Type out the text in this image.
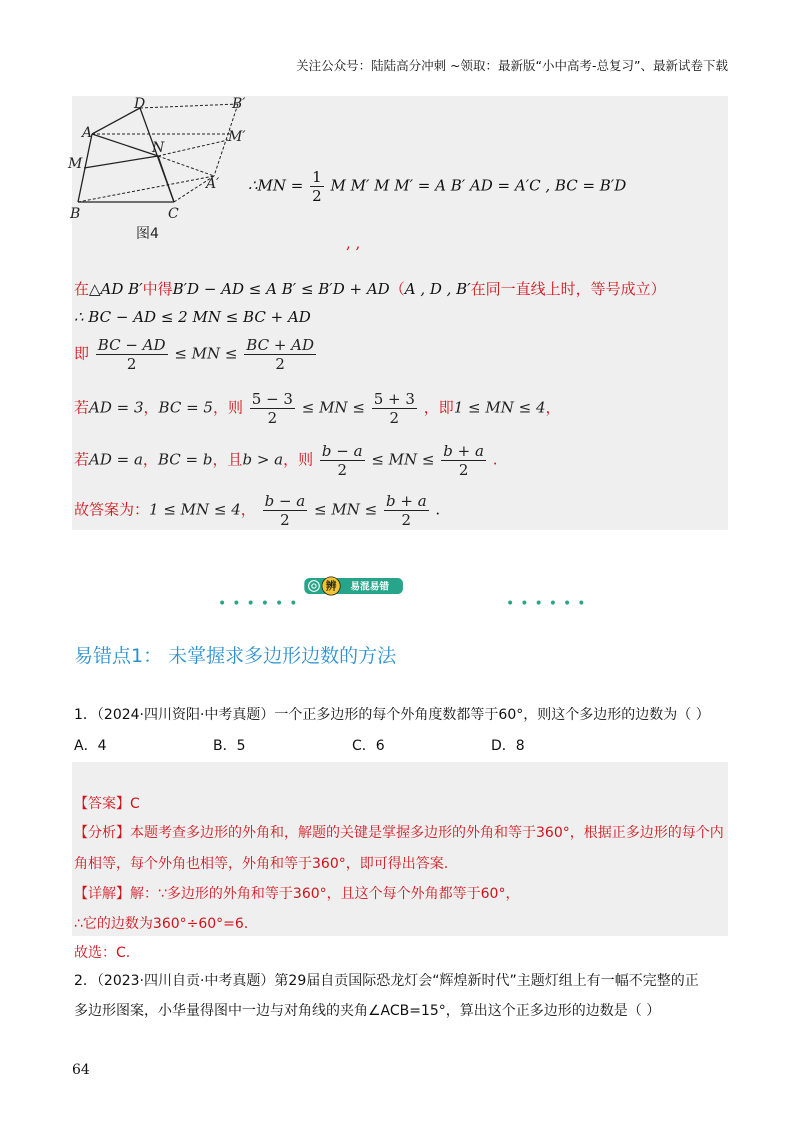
关注公众号：陆陆高分冲刺 ~领取：最新版“小中高考-总复习”、最新试卷下载
D	B′
A	M′
M
N
A′
B	C
图4
∴MN = $\frac{1}{2}$ M M′ M M′ = A B′ AD = A′C , BC = B′D
, ,
在△AD B′中得B′D − AD ≤ A B′ ≤ B′D + AD（A , D , B′在同一直线上时，等号成立）
∴ BC − AD ≤ 2 MN ≤ BC + AD
即 $\frac{BC - AD}{2}$ ≤ MN ≤ $\frac{BC + AD}{2}$
若AD = 3，BC = 5，则 $\frac{5 - 3}{2}$ ≤ MN ≤ $\frac{5 + 3}{2}$ ，即1 ≤ MN ≤ 4，
若AD = a，BC = b，且b > a，则 $\frac{b - a}{2}$ ≤ MN ≤ $\frac{b + a}{2}$ .
故答案为：1 ≤ MN ≤ 4， $\frac{b - a}{2}$ ≤ MN ≤ $\frac{b + a}{2}$ .
••••••	••••••
辨 易混易错
易错点1： 未掌握求多边形边数的方法
1．（2024·四川资阳·中考真题）一个正多边形的每个外角度数都等于60°，则这个多边形的边数为（ ）
A．4	B．5	C．6	D．8
【答案】C
【分析】本题考查多边形的外角和，解题的关键是掌握多边形的外角和等于360°，根据正多边形的每个内
角相等，每个外角也相等，外角和等于360°，即可得出答案.
【详解】解：∵多边形的外角和等于360°，且这个每个外角都等于60°，
∴它的边数为360°÷60°=6.
故选：C.
2．（2023·四川自贡·中考真题）第29届自贡国际恐龙灯会“辉煌新时代”主题灯组上有一幅不完整的正
多边形图案，小华量得图中一边与对角线的夹角∠ACB=15°，算出这个正多边形的边数是（ ）
64
